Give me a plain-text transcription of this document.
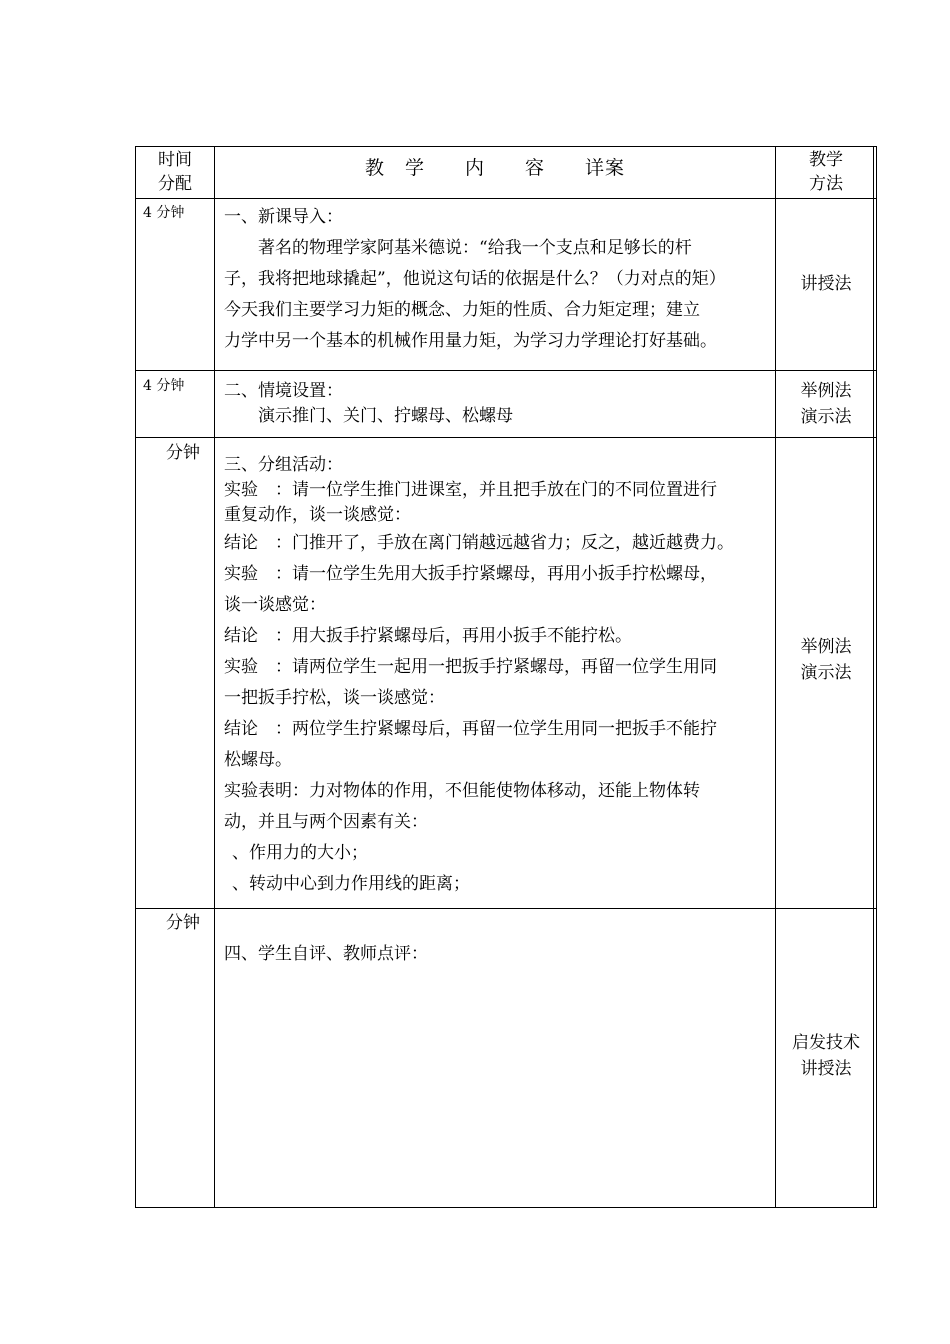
时间
分配
教　学　　内　　容　　详案	教学
方法
4 分钟 一、新课导入：

著名的物理学家阿基米德说：“给我一个支点和足够长的杆

子，我将把地球撬起”，他说这句话的依据是什么？（力对点的矩）

今天我们主要学习力矩的概念、力矩的性质、合力矩定理；建立

力学中另一个基本的机械作用量力矩，为学习力学理论打好基础。

讲授法
4 分钟 二、情境设置：

演示推门、关门、拧螺母、松螺母

举例法
演示法
分钟

三、分组活动：

实验　：请一位学生推门进课室，并且把手放在门的不同位置进行

重复动作，谈一谈感觉：

结论　：门推开了，手放在离门销越远越省力；反之，越近越费力。

实验　：请一位学生先用大扳手拧紧螺母，再用小扳手拧松螺母，

谈一谈感觉：

结论　：用大扳手拧紧螺母后，再用小扳手不能拧松。

实验　：请两位学生一起用一把扳手拧紧螺母，再留一位学生用同

一把扳手拧松，谈一谈感觉：

结论　：两位学生拧紧螺母后，再留一位学生用同一把扳手不能拧

松螺母。

实验表明：力对物体的作用，不但能使物体移动，还能上物体转

动，并且与两个因素有关：

、作用力的大小；

、转动中心到力作用线的距离；

举例法
演示法
分钟

四、学生自评、教师点评：

启发技术
讲授法
